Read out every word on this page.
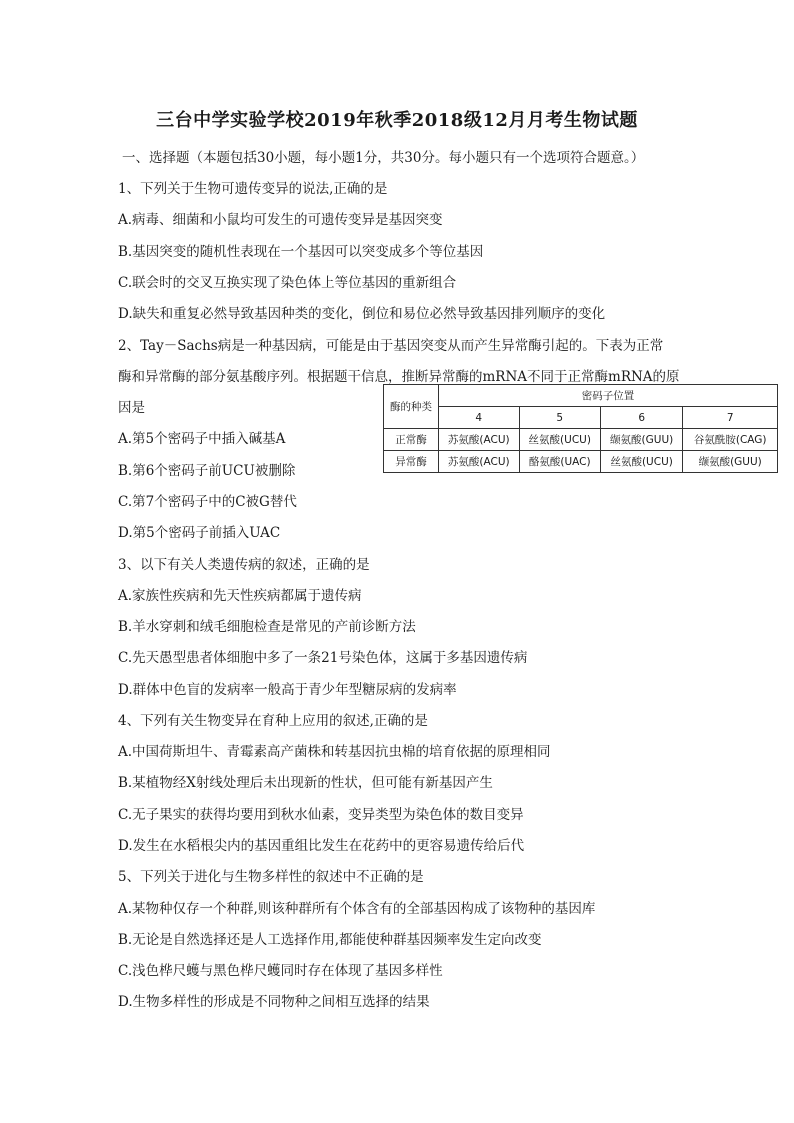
三台中学实验学校2019年秋季2018级12月月考生物试题
一、选择题（本题包括30小题，每小题1分，共30分。每小题只有一个选项符合题意。）
1、下列关于生物可遗传变异的说法,正确的是
A.病毒、细菌和小鼠均可发生的可遗传变异是基因突变
B.基因突变的随机性表现在一个基因可以突变成多个等位基因
C.联会时的交叉互换实现了染色体上等位基因的重新组合
D.缺失和重复必然导致基因种类的变化，倒位和易位必然导致基因排列顺序的变化
2、Tay－Sachs病是一种基因病，可能是由于基因突变从而产生异常酶引起的。下表为正常
酶和异常酶的部分氨基酸序列。根据题干信息，推断异常酶的mRNA不同于正常酶mRNA的原
因是
A.第5个密码子中插入碱基A
B.第6个密码子前UCU被删除
C.第7个密码子中的C被G替代
D.第5个密码子前插入UAC
3、以下有关人类遗传病的叙述，正确的是
A.家族性疾病和先天性疾病都属于遗传病
B.羊水穿刺和绒毛细胞检查是常见的产前诊断方法
C.先天愚型患者体细胞中多了一条21号染色体，这属于多基因遗传病
D.群体中色盲的发病率一般高于青少年型糖尿病的发病率
4、下列有关生物变异在育种上应用的叙述,正确的是
A.中国荷斯坦牛、青霉素高产菌株和转基因抗虫棉的培育依据的原理相同
B.某植物经X射线处理后未出现新的性状，但可能有新基因产生
C.无子果实的获得均要用到秋水仙素，变异类型为染色体的数目变异
D.发生在水稻根尖内的基因重组比发生在花药中的更容易遗传给后代
5、下列关于进化与生物多样性的叙述中不正确的是
A.某物种仅存一个种群,则该种群所有个体含有的全部基因构成了该物种的基因库
B.无论是自然选择还是人工选择作用,都能使种群基因频率发生定向改变
C.浅色桦尺蠖与黑色桦尺蠖同时存在体现了基因多样性
D.生物多样性的形成是不同物种之间相互选择的结果
酶的种类	密码子位置			
	4	5	6	7
正常酶	苏氨酸(ACU)	丝氨酸(UCU)	缬氨酸(GUU)	谷氨酰胺(CAG)
异常酶	苏氨酸(ACU)	酪氨酸(UAC)	丝氨酸(UCU)	缬氨酸(GUU)
